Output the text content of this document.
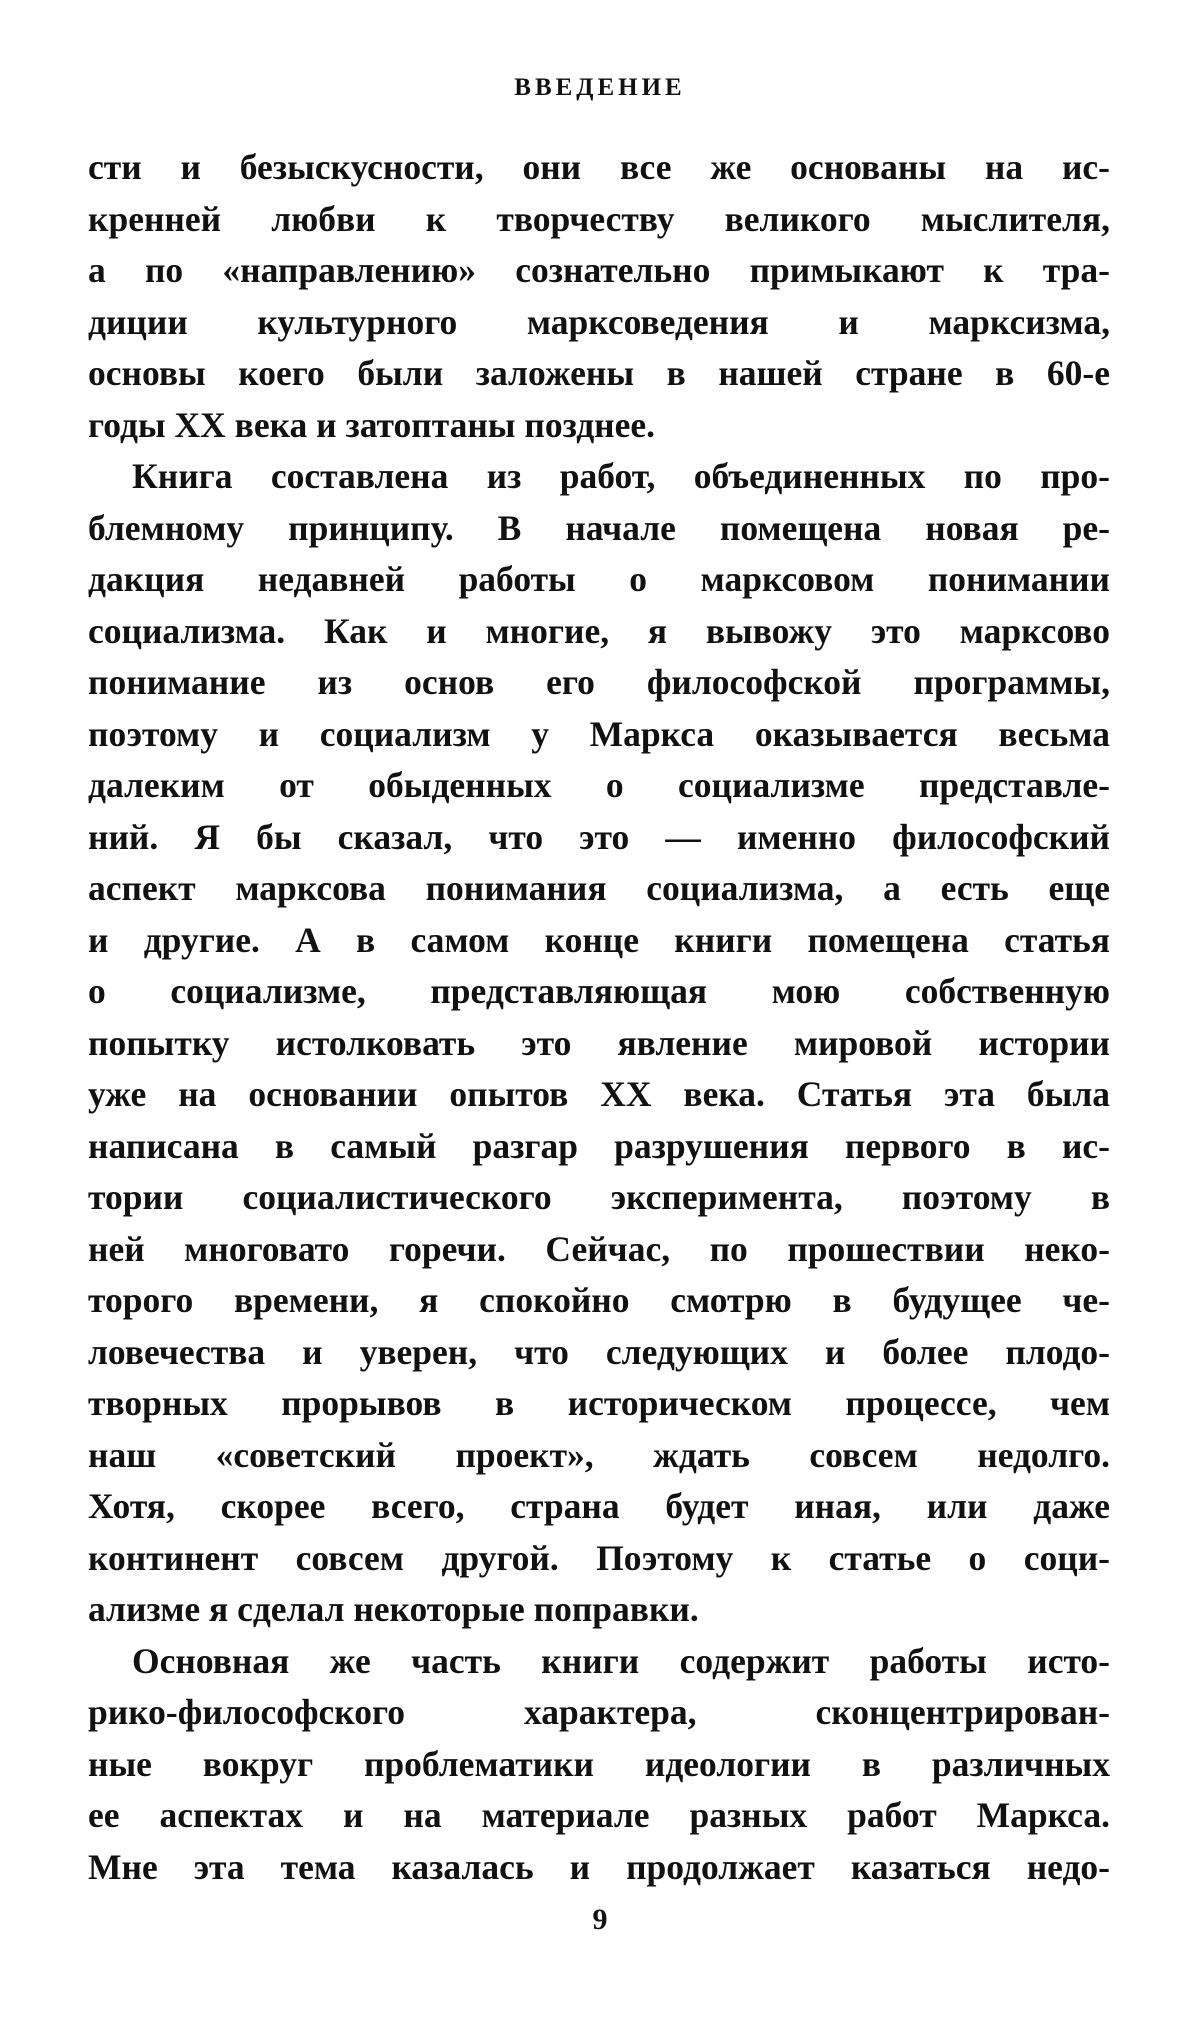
ВВЕДЕНИЕ
сти и безыскусности, они все же основаны на ис-
кренней любви к творчеству великого мыслителя,
а по «направлению» сознательно примыкают к тра-
диции культурного марксоведения и марксизма,
основы коего были заложены в нашей стране в 60-е
годы XX века и затоптаны позднее.
Книга составлена из работ, объединенных по про-
блемному принципу. В начале помещена новая ре-
дакция недавней работы о марксовом понимании
социализма. Как и многие, я вывожу это марксово
понимание из основ его философской программы,
поэтому и социализм у Маркса оказывается весьма
далеким от обыденных о социализме представле-
ний. Я бы сказал, что это — именно философский
аспект марксова понимания социализма, а есть еще
и другие. А в самом конце книги помещена статья
о социализме, представляющая мою собственную
попытку истолковать это явление мировой истории
уже на основании опытов XX века. Статья эта была
написана в самый разгар разрушения первого в ис-
тории социалистического эксперимента, поэтому в
ней многовато горечи. Сейчас, по прошествии неко-
торого времени, я спокойно смотрю в будущее че-
ловечества и уверен, что следующих и более плодо-
творных прорывов в историческом процессе, чем
наш «советский проект», ждать совсем недолго.
Хотя, скорее всего, страна будет иная, или даже
континент совсем другой. Поэтому к статье о соци-
ализме я сделал некоторые поправки.
Основная же часть книги содержит работы исто-
рико-философского характера, сконцентрирован-
ные вокруг проблематики идеологии в различных
ее аспектах и на материале разных работ Маркса.
Мне эта тема казалась и продолжает казаться недо-
9
